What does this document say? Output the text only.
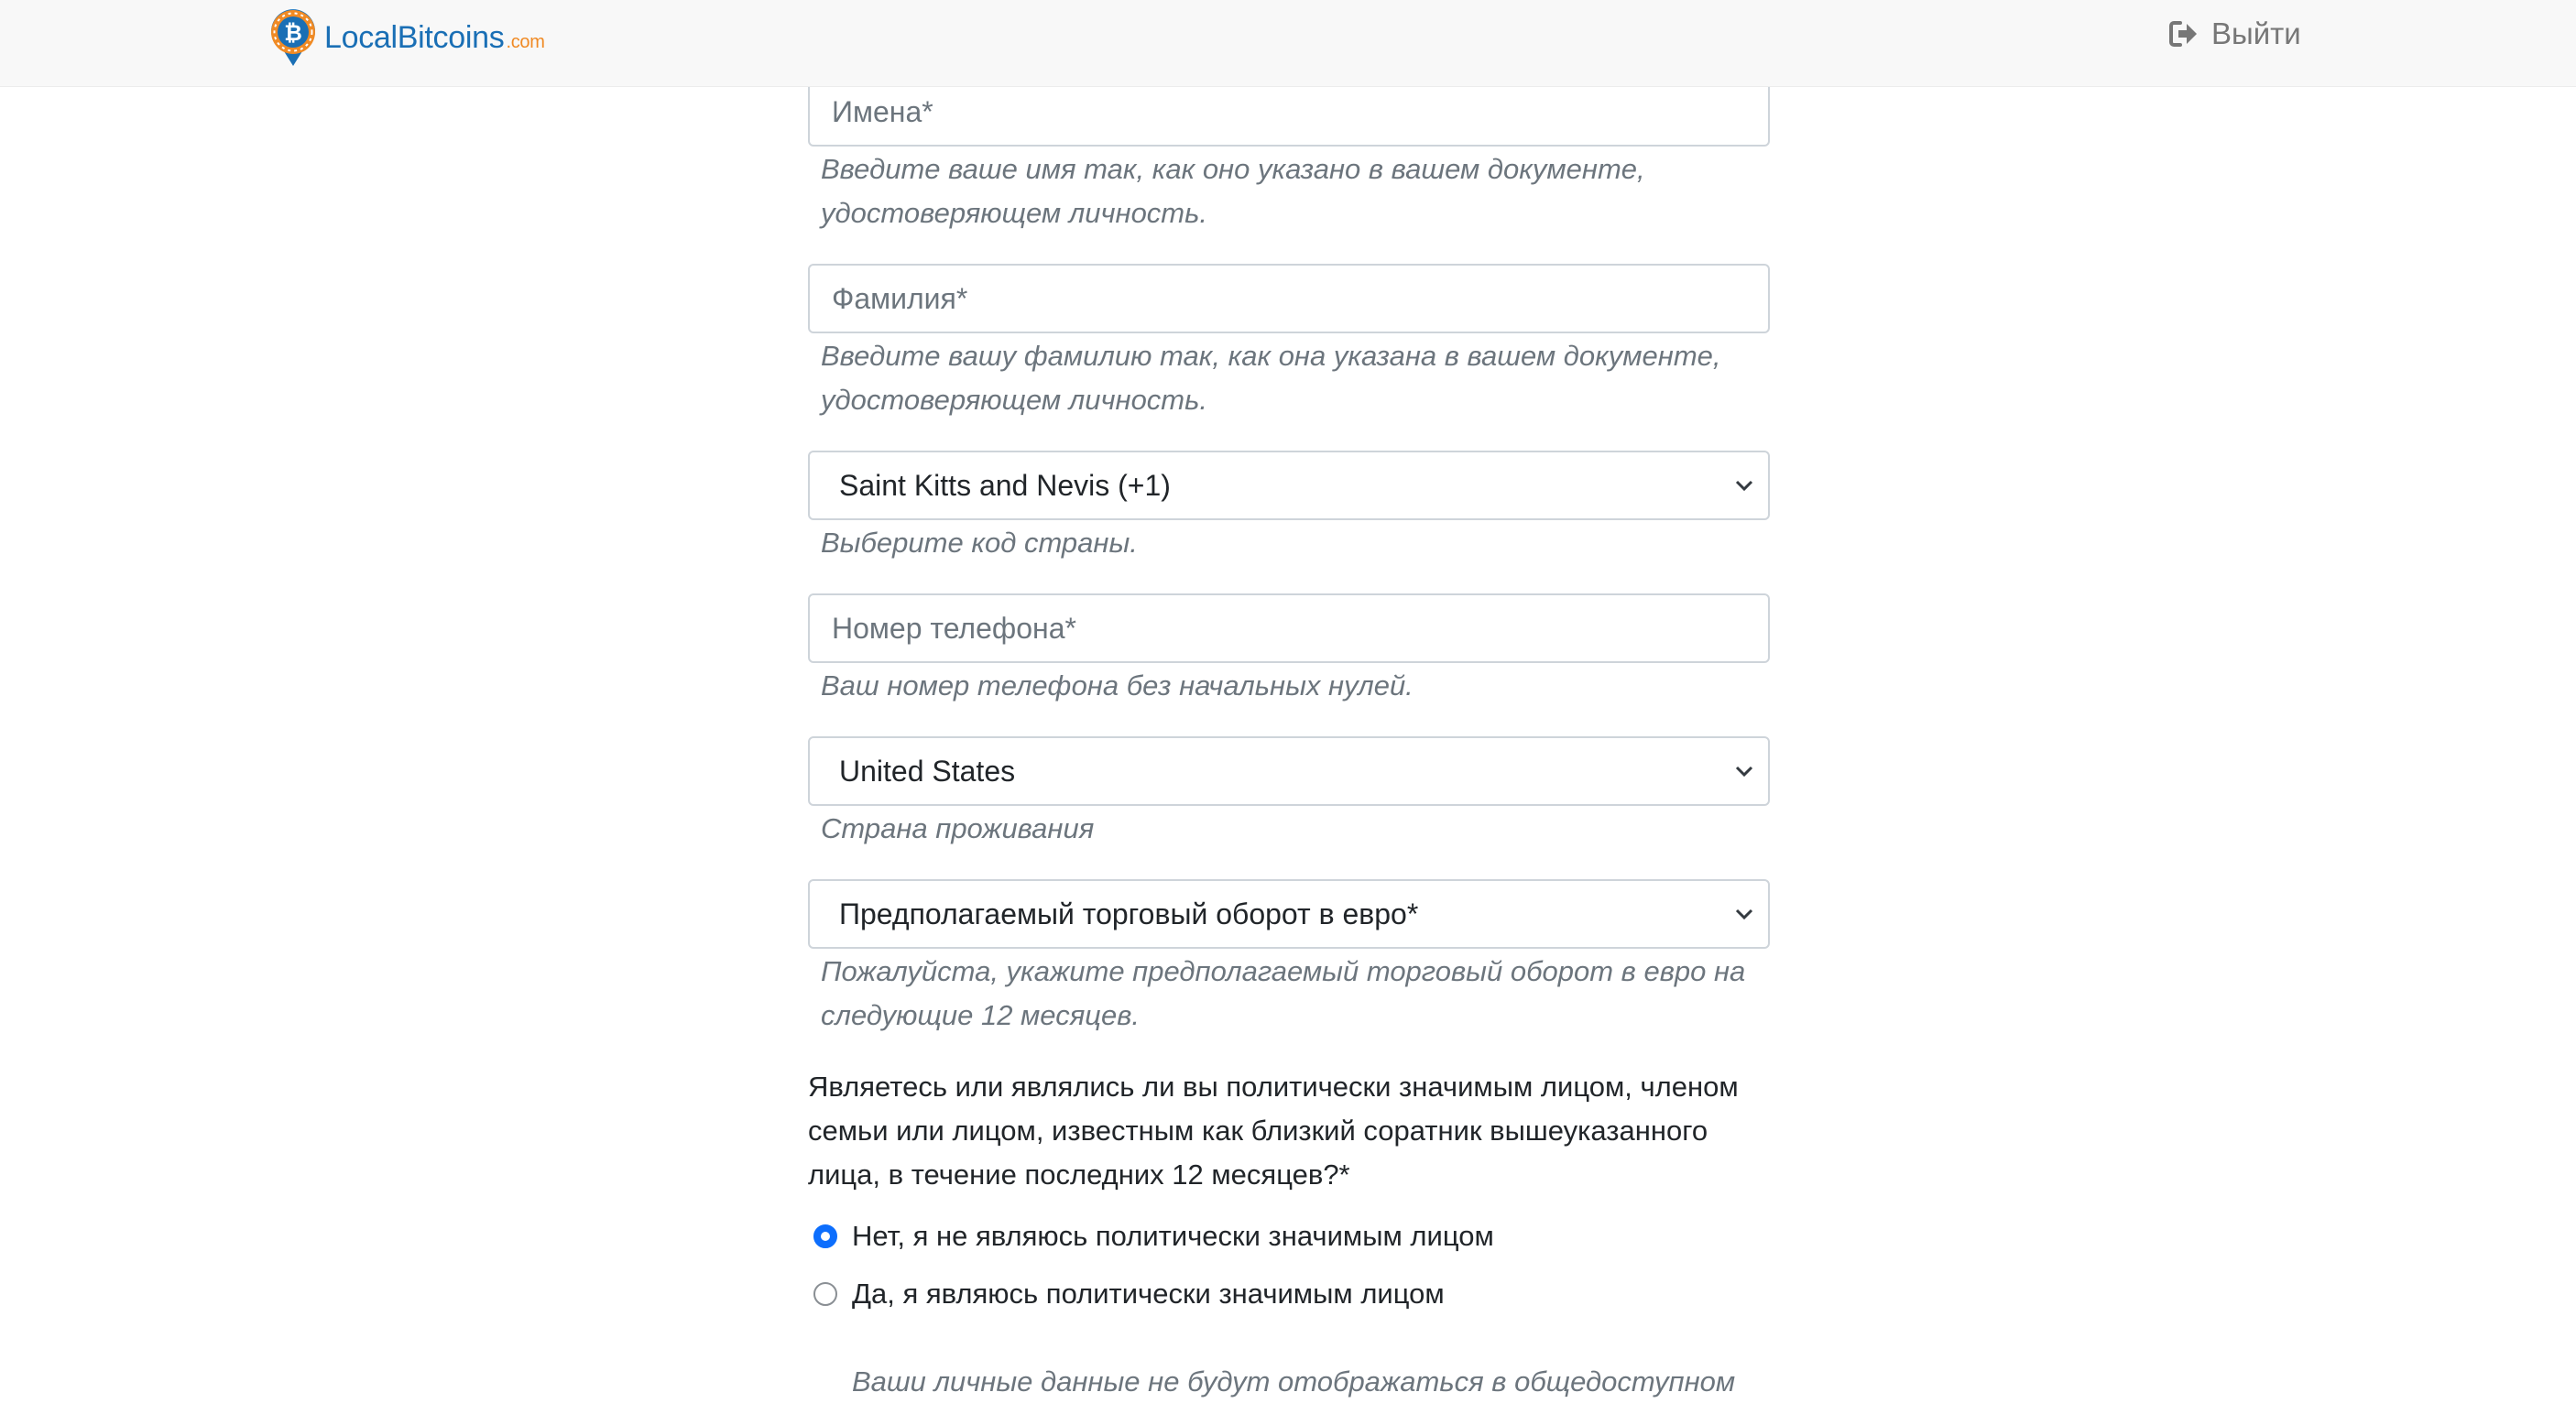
₿ LocalBitcoins .com	Выйти
Имена*
Введите ваше имя так, как оно указано в вашем документе, удостоверяющем личность.
Фамилия*
Введите вашу фамилию так, как она указана в вашем документе, удостоверяющем личность.
Saint Kitts and Nevis (+1)
Выберите код страны.
Номер телефона*
Ваш номер телефона без начальных нулей.
United States
Страна проживания
Предполагаемый торговый оборот в евро*
Пожалуйста, укажите предполагаемый торговый оборот в евро на следующие 12 месяцев.
Являетесь или являлись ли вы политически значимым лицом, членом семьи или лицом, известным как близкий соратник вышеуказанного лица, в течение последних 12 месяцев?*
Нет, я не являюсь политически значимым лицом
Да, я являюсь политически значимым лицом
Ваши личные данные не будут отображаться в общедоступном
